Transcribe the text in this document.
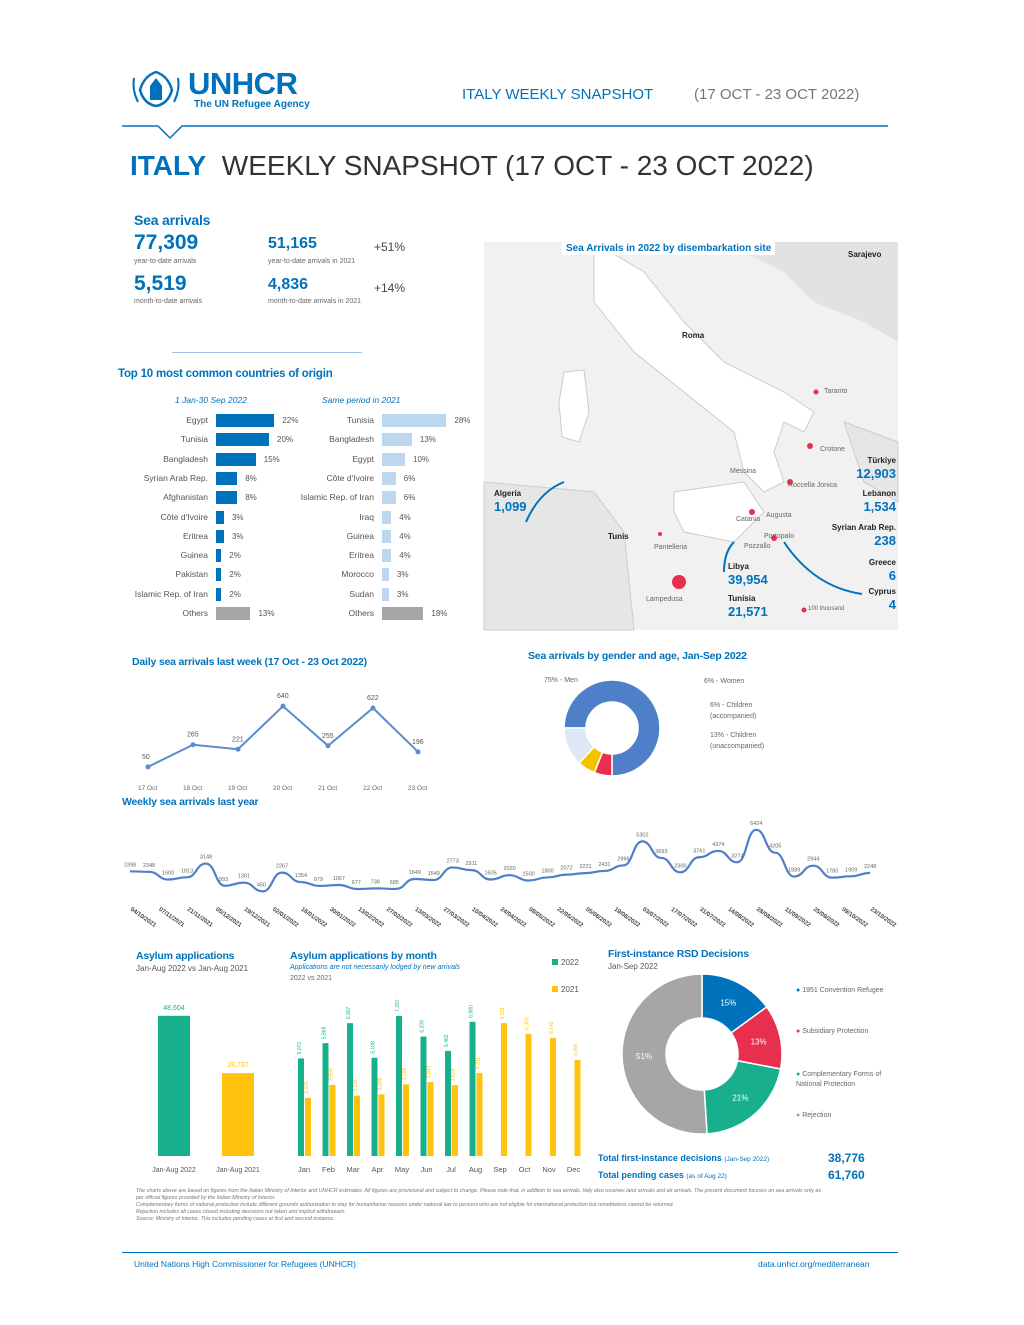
UNHCR
The UN Refugee Agency
ITALY WEEKLY SNAPSHOT	(17 OCT - 23 OCT 2022)
ITALY WEEKLY SNAPSHOT (17 OCT - 23 OCT 2022)
Sea arrivals
77,309
year-to-date arrivals
51,165
year-to-date arrivals in 2021
+51%
5,519
month-to-date arrivals
4,836
month-to-date arrivals in 2021
+14%
Top 10 most common countries of origin
1 Jan-30 Sep 2022	Same period in 2021
Egypt	22%
Tunisia	20%
Bangladesh	15%
Syrian Arab Rep.	8%
Afghanistan	8%
Côte d'Ivoire	3%
Eritrea	3%
Guinea	2%
Pakistan	2%
Islamic Rep. of Iran	2%
Others	13%
Tunisia	28%
Bangladesh	13%
Egypt	10%
Côte d'Ivoire	6%
Islamic Rep. of Iran	6%
Iraq	4%
Guinea	4%
Eritrea	4%
Morocco	3%
Sudan	3%
Others	18%
Sea Arrivals in 2022 by disembarkation site
Sarajevo
Roma
Taranto
Crotone
Messina
Roccella Jonica
Augusta
Catania
Portopalo
Pozzallo
Pantelleria
Lampedusa
Tunis
Algeria
1,099
Libya
39,954
Tunisia
21,571
Türkiye
12,903
Lebanon
1,534
Syrian Arab Rep.
238
Greece
6
Cyprus
4
100 thousand
Daily sea arrivals last week (17 Oct - 23 Oct 2022)
50
17 Oct
265
18 Oct
221
19 Oct
640
20 Oct
255
21 Oct
622
22 Oct
196
23 Oct
Sea arrivals by gender and age, Jan-Sep 2022
75% - Men	6% - Women
6% - Children (accompanied)
13% - Children (unaccompanied)
Weekly sea arrivals last year
2398 2348
1600 1813
3148
993
1301
450
2267
1354
979 1067
677 738 685
1649 1549
2773 2511
1605
2020
1500
1800 2072 2221 2431
2966
5302
3693
2300
3761
4374
3274
6424
4205
1889
2944
1780 1909
2248
04/10/2021 07/11/2021 21/11/2021 05/12/2021 19/12/2021 02/01/2022 16/01/2022 30/01/2022 13/02/2022 27/02/2022 13/03/2022 27/03/2022 10/04/2022 24/04/2022 08/05/2022 22/05/2022 05/06/2022 19/06/2022 03/07/2022 17/07/2022 31/07/2022 14/08/2022 28/08/2022 11/09/2022 25/09/2022 09/10/2022 23/10/2022
Asylum applications
Jan-Aug 2022 vs Jan-Aug 2021
48,604
Jan-Aug 2022
28,737
Jan-Aug 2021
Asylum applications by month
Applications are not necessarily lodged by new arrivals
2022 vs 2021
2022
2021
5,072
3,025
Jan
5,868
3,698
Feb
6,907
3,134
Mar
5,108
3,208
Apr
7,287
3,728
May
6,209
3,843
Jun
5,462
3,678
Jul
6,980
4,311
Aug
6,911
Sep
6,353
Oct
6,142
Nov
4,996
Dec
First-instance RSD Decisions
Jan-Sep 2022
15%
13%
21%
51%
● 1951 Convention Refugee
● Subsidiary Protection
● Complementary Forms of National Protection
● Rejection
Total first-instance decisions (Jan-Sep 2022)	38,776
Total pending cases (as of Aug 22)	61,760
The charts above are based on figures from the Italian Ministry of Interior and UNHCR estimates. All figures are provisional and subject to change. Please note that, in addition to sea arrivals, Italy also receives land arrivals and air arrivals. The present document focuses on sea arrivals only as per official figures provided by the Italian Ministry of Interior.
Complementary forms of national protection include different grounds authorization to stay for humanitarian reasons under national law to persons who are not eligible for international protection but nonetheless cannot be returned.
Rejection includes all cases closed including decisions not taken and implicit withdrawals.
Source: Ministry of Interior. This includes pending cases at first and second instance.
United Nations High Commissioner for Refugees (UNHCR)	data.unhcr.org/mediterranean
